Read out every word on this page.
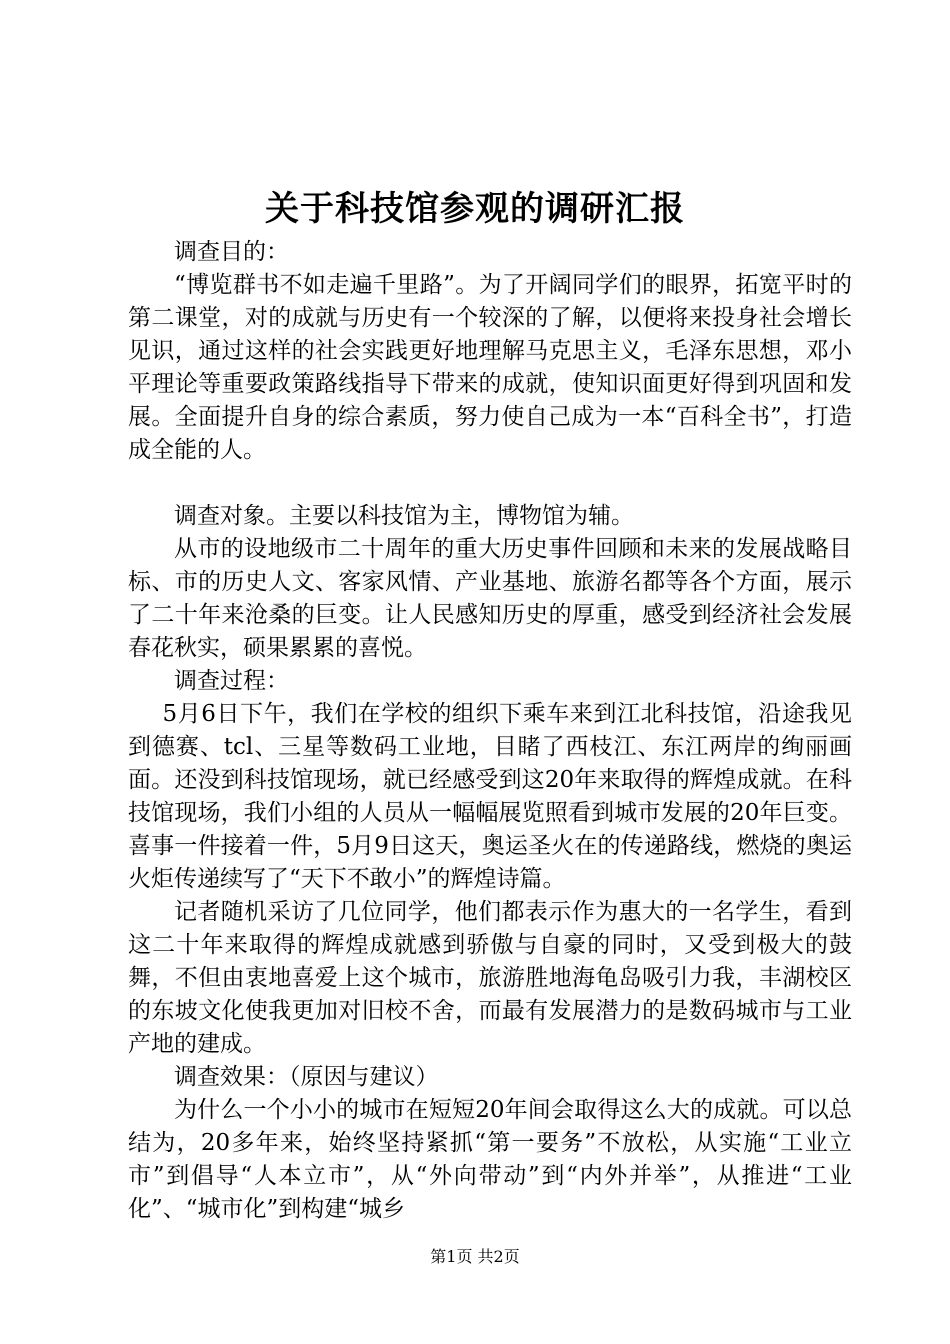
关于科技馆参观的调研汇报

调查目的：

“博览群书不如走遍千里路”。为了开阔同学们的眼界，拓宽平时的第二课堂，对的成就与历史有一个较深的了解，以便将来投身社会增长见识，通过这样的社会实践更好地理解马克思主义，毛泽东思想，邓小平理论等重要政策路线指导下带来的成就，使知识面更好得到巩固和发展。全面提升自身的综合素质，努力使自己成为一本“百科全书”，打造成全能的人。

调查对象。主要以科技馆为主，博物馆为辅。

从市的设地级市二十周年的重大历史事件回顾和未来的发展战略目标、市的历史人文、客家风情、产业基地、旅游名都等各个方面，展示了二十年来沧桑的巨变。让人民感知历史的厚重，感受到经济社会发展春花秋实，硕果累累的喜悦。

调查过程：

5月6日下午，我们在学校的组织下乘车来到江北科技馆，沿途我见到德赛、tcl、三星等数码工业地，目睹了西枝江、东江两岸的绚丽画面。还没到科技馆现场，就已经感受到这20年来取得的辉煌成就。在科技馆现场，我们小组的人员从一幅幅展览照看到城市发展的20年巨变。喜事一件接着一件，5月9日这天，奥运圣火在的传递路线，燃烧的奥运火炬传递续写了“天下不敢小”的辉煌诗篇。

记者随机采访了几位同学，他们都表示作为惠大的一名学生，看到这二十年来取得的辉煌成就感到骄傲与自豪的同时，又受到极大的鼓舞，不但由衷地喜爱上这个城市，旅游胜地海龟岛吸引力我，丰湖校区的东坡文化使我更加对旧校不舍，而最有发展潜力的是数码城市与工业产地的建成。

调查效果：（原因与建议）

为什么一个小小的城市在短短20年间会取得这么大的成就。可以总结为，20多年来，始终坚持紧抓“第一要务”不放松，从实施“工业立市”到倡导“人本立市”，从“外向带动”到“内外并举”，从推进“工业化”、“城市化”到构建“城乡

第1页 共2页
